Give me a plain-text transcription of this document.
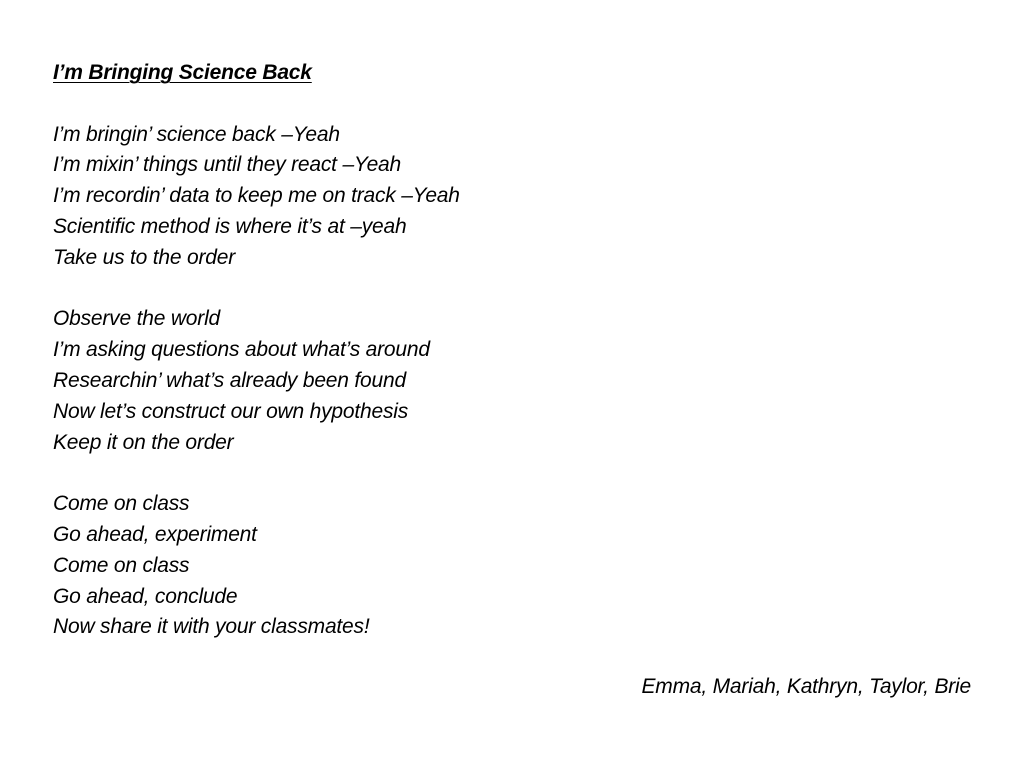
I’m Bringing Science Back
I’m bringin’ science back –Yeah
I’m mixin’ things until they react –Yeah
I’m recordin’ data to keep me on track –Yeah
Scientific method is where it’s at –yeah
Take us to the order
Observe the world
I’m asking questions about what’s around
Researchin’ what’s already been found
Now let’s construct our own hypothesis
Keep it on the order
Come on class
Go ahead, experiment
Come on class
Go ahead, conclude
Now share it with your classmates!
Emma, Mariah, Kathryn, Taylor, Brie
